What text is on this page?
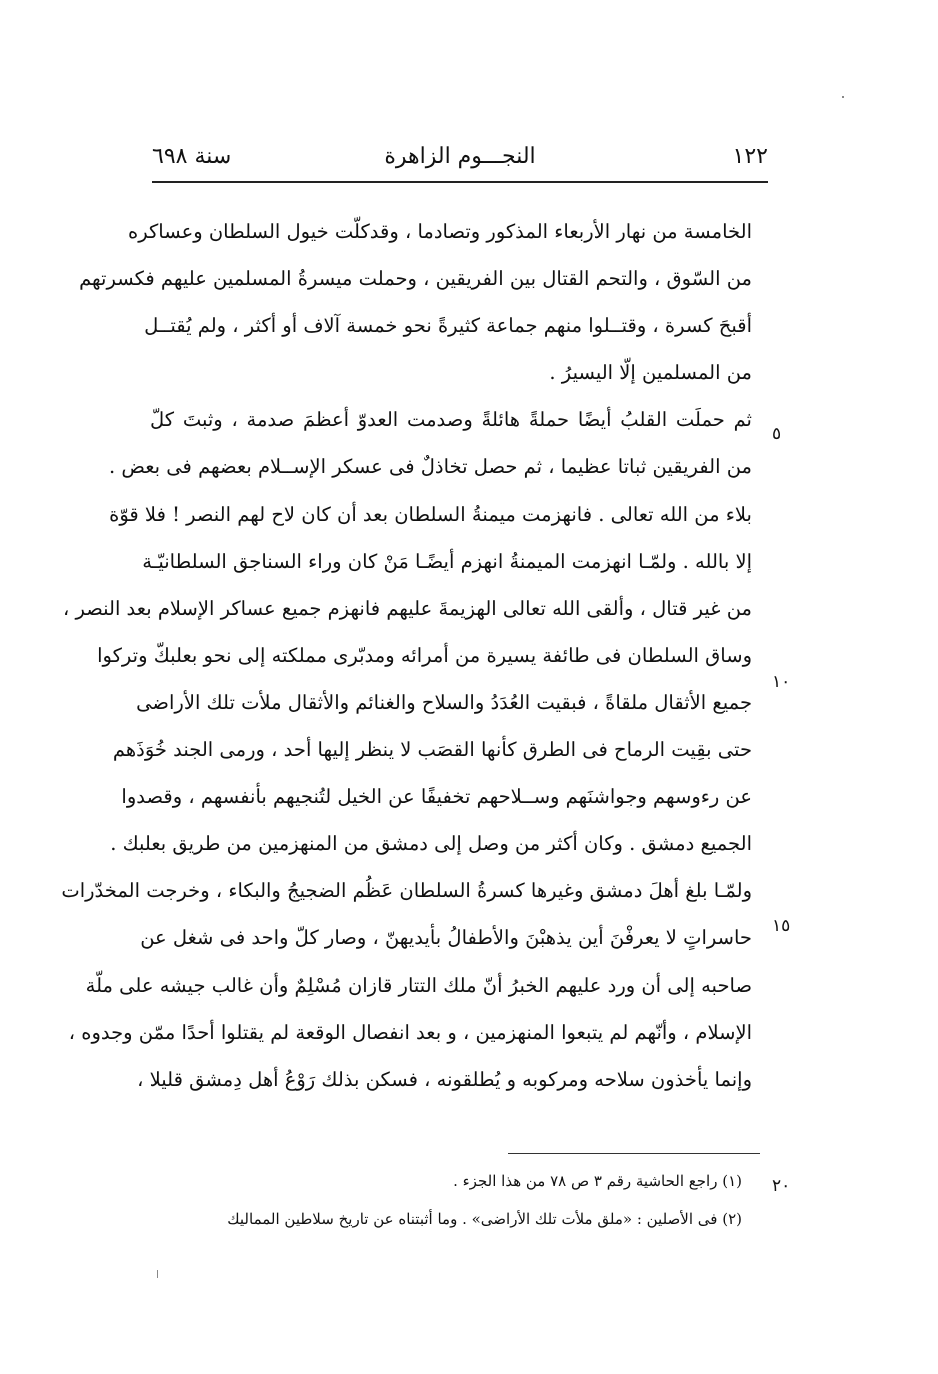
١٢٢
النجـــوم الزاهرة
سنة ٦٩٨
الخامسة من نهار الأربعاء المذكور وتصادما ، وقدكلّت خيول السلطان وعساكره
من السّوق ، والتحم القتال بين الفريقين ، وحملت ميسرةُ المسلمين عليهم فكسرتهم
أقبحَ كسرة ، وقتــلوا منهم جماعة كثيرةً نحو خمسة آلاف أو أكثر ، ولم يُقتــل
من المسلمين إلّا اليسيرُ .
ثم حملَت القلبُ أيضًا حملةً هائلةً وصدمت العدوّ أعظمَ صدمة ، وثبتَ كلّ
من الفريقين ثباتا عظيما ، ثم حصل تخاذلٌ فى عسكر الإســلام بعضهم فى بعض .
بلاء من الله تعالى . فانهزمت ميمنةُ السلطان بعد أن كان لاح لهم النصر ! فلا قوّة
إلا بالله . ولمّـا انهزمت الميمنةُ انهزم أيضًـا مَنْ كان وراء السناجق السلطانيّـة
من غير قتال ، وألقى الله تعالى الهزيمةَ عليهم فانهزم جميع عساكر الإسلام بعد النصر ،
وساق السلطان فى طائفة يسيرة من أمرائه ومدبّرى مملكته إلى نحو بعلبكّ وتركوا
جميع الأثقال ملقاةً ، فبقيت العُدَدُ والسلاح والغنائم والأثقال ملأت تلك الأراضى
حتى بقِيت الرماح فى الطرق كأنها القصَب لا ينظر إليها أحد ، ورمى الجند خُوَذَهم
عن رءوسهم وجواشنَهم وســلاحهم تخفيفًا عن الخيل لتُنجيهم بأنفسهم ، وقصدوا
الجميع دمشق . وكان أكثر من وصل إلى دمشق من المنهزمين من طريق بعلبك .
ولمّـا بلغ أهلَ دمشق وغيرها كسرةُ السلطان عَظُم الضجيجُ والبكاء ، وخرجت المخدّرات
حاسراتٍ لا يعرفْنَ أين يذهبْنَ والأطفالُ بأيديهنّ ، وصار كلّ واحد فى شغل عن
صاحبه إلى أن ورد عليهم الخبرُ أنّ ملك التتار قازان مُسْلِمٌ وأن غالب جيشه على ملّة
الإسلام ، وأنّهم لم يتبعوا المنهزمين ، و بعد انفصال الوقعة لم يقتلوا أحدًا ممّن وجدوه ،
وإنما يأخذون سلاحه ومركوبه و يُطلقونه ، فسكن بذلك رَوْعُ أهل دِمشق قليلا ،
٥
١٠
١٥
٢٠
(١) راجع الحاشية رقم ٣ ص ٧٨ من هذا الجزء .
(٢) فى الأصلين : «ملق ملأت تلك الأراضى» . وما أثبتناه عن تاريخ سلاطين المماليك
